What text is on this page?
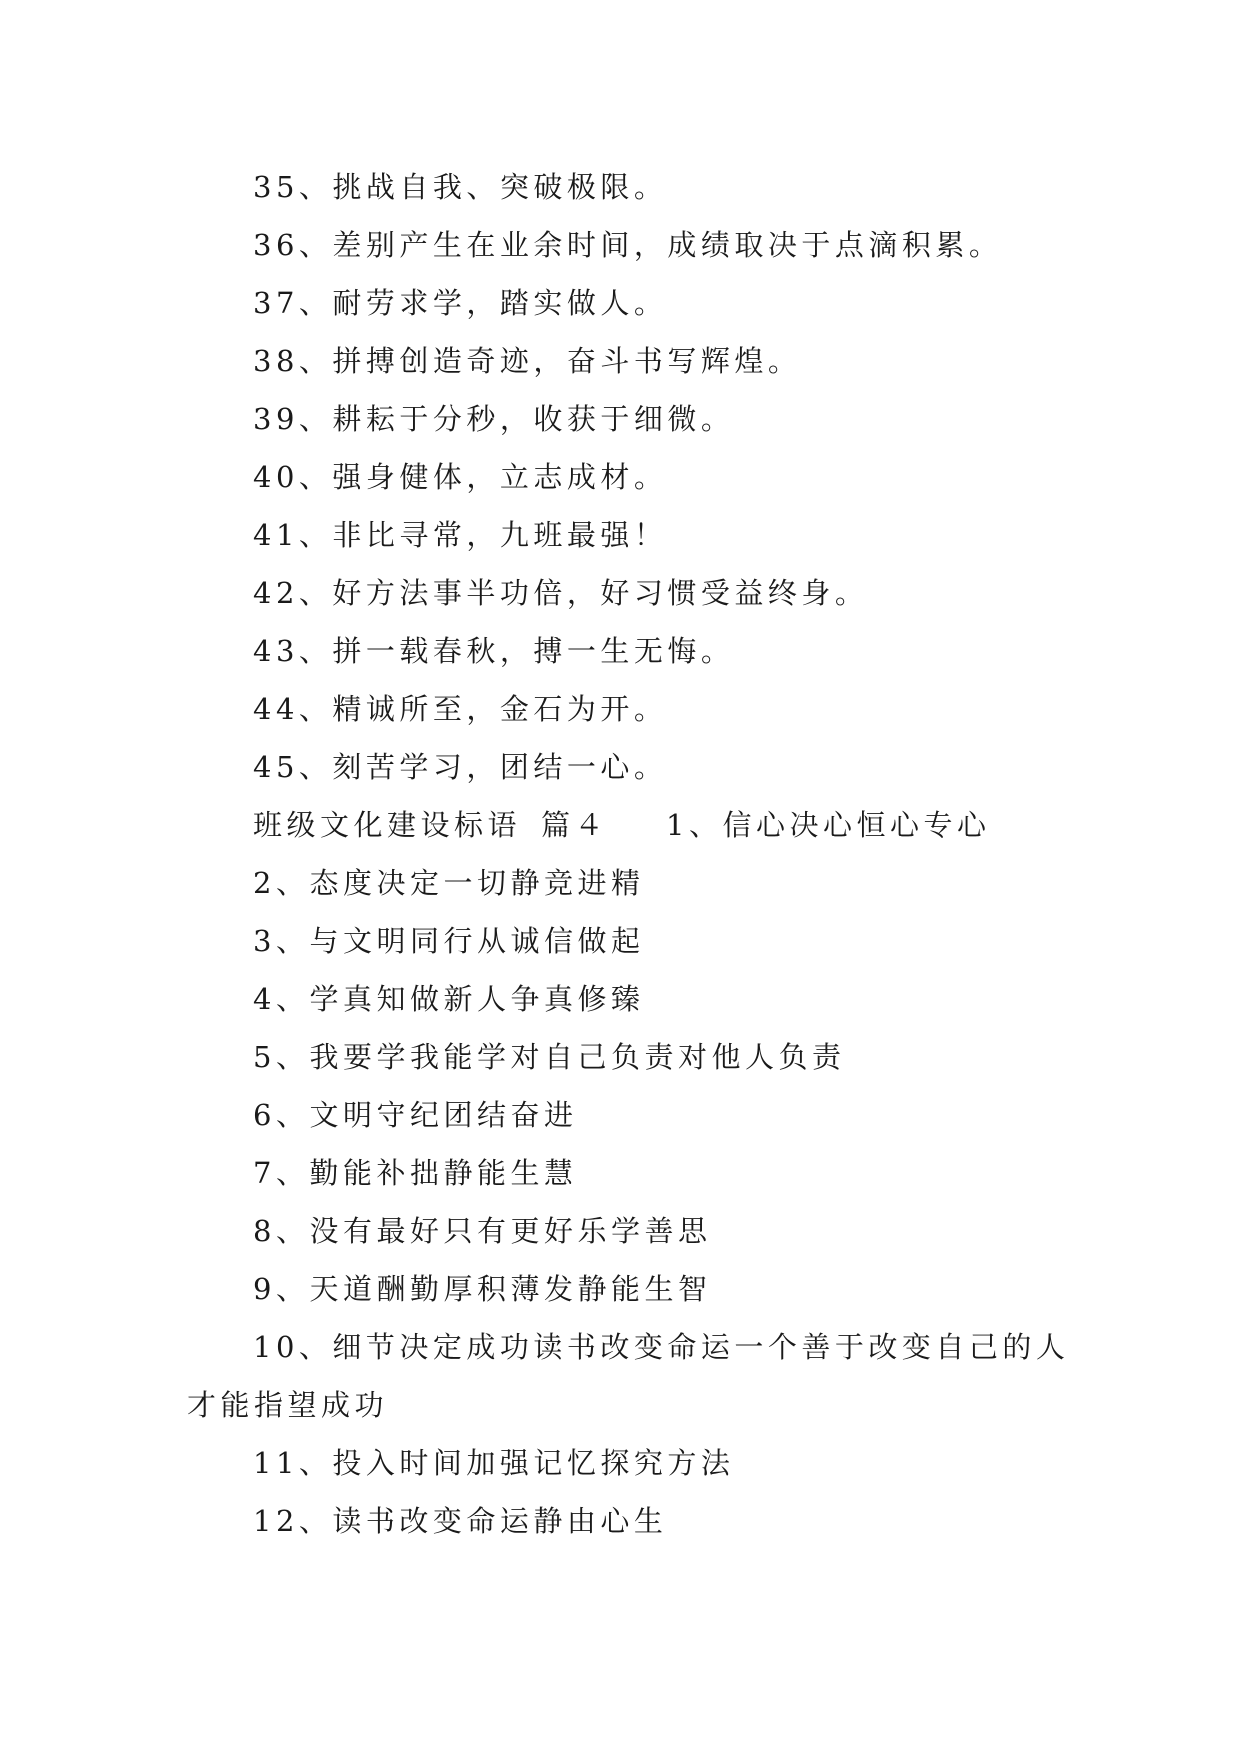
35、挑战自我、突破极限。

36、差别产生在业余时间，成绩取决于点滴积累。

37、耐劳求学，踏实做人。

38、拼搏创造奇迹，奋斗书写辉煌。

39、耕耘于分秒，收获于细微。

40、强身健体，立志成材。

41、非比寻常，九班最强！

42、好方法事半功倍，好习惯受益终身。

43、拼一载春秋，搏一生无悔。

44、精诚所至，金石为开。

45、刻苦学习，团结一心。

班级文化建设标语 篇４ 1、信心决心恒心专心

2、态度决定一切静竞进精

3、与文明同行从诚信做起

4、学真知做新人争真修臻

5、我要学我能学对自己负责对他人负责

6、文明守纪团结奋进

7、勤能补拙静能生慧

8、没有最好只有更好乐学善思

9、天道酬勤厚积薄发静能生智

10、细节决定成功读书改变命运一个善于改变自己的人

才能指望成功

11、投入时间加强记忆探究方法

12、读书改变命运静由心生
